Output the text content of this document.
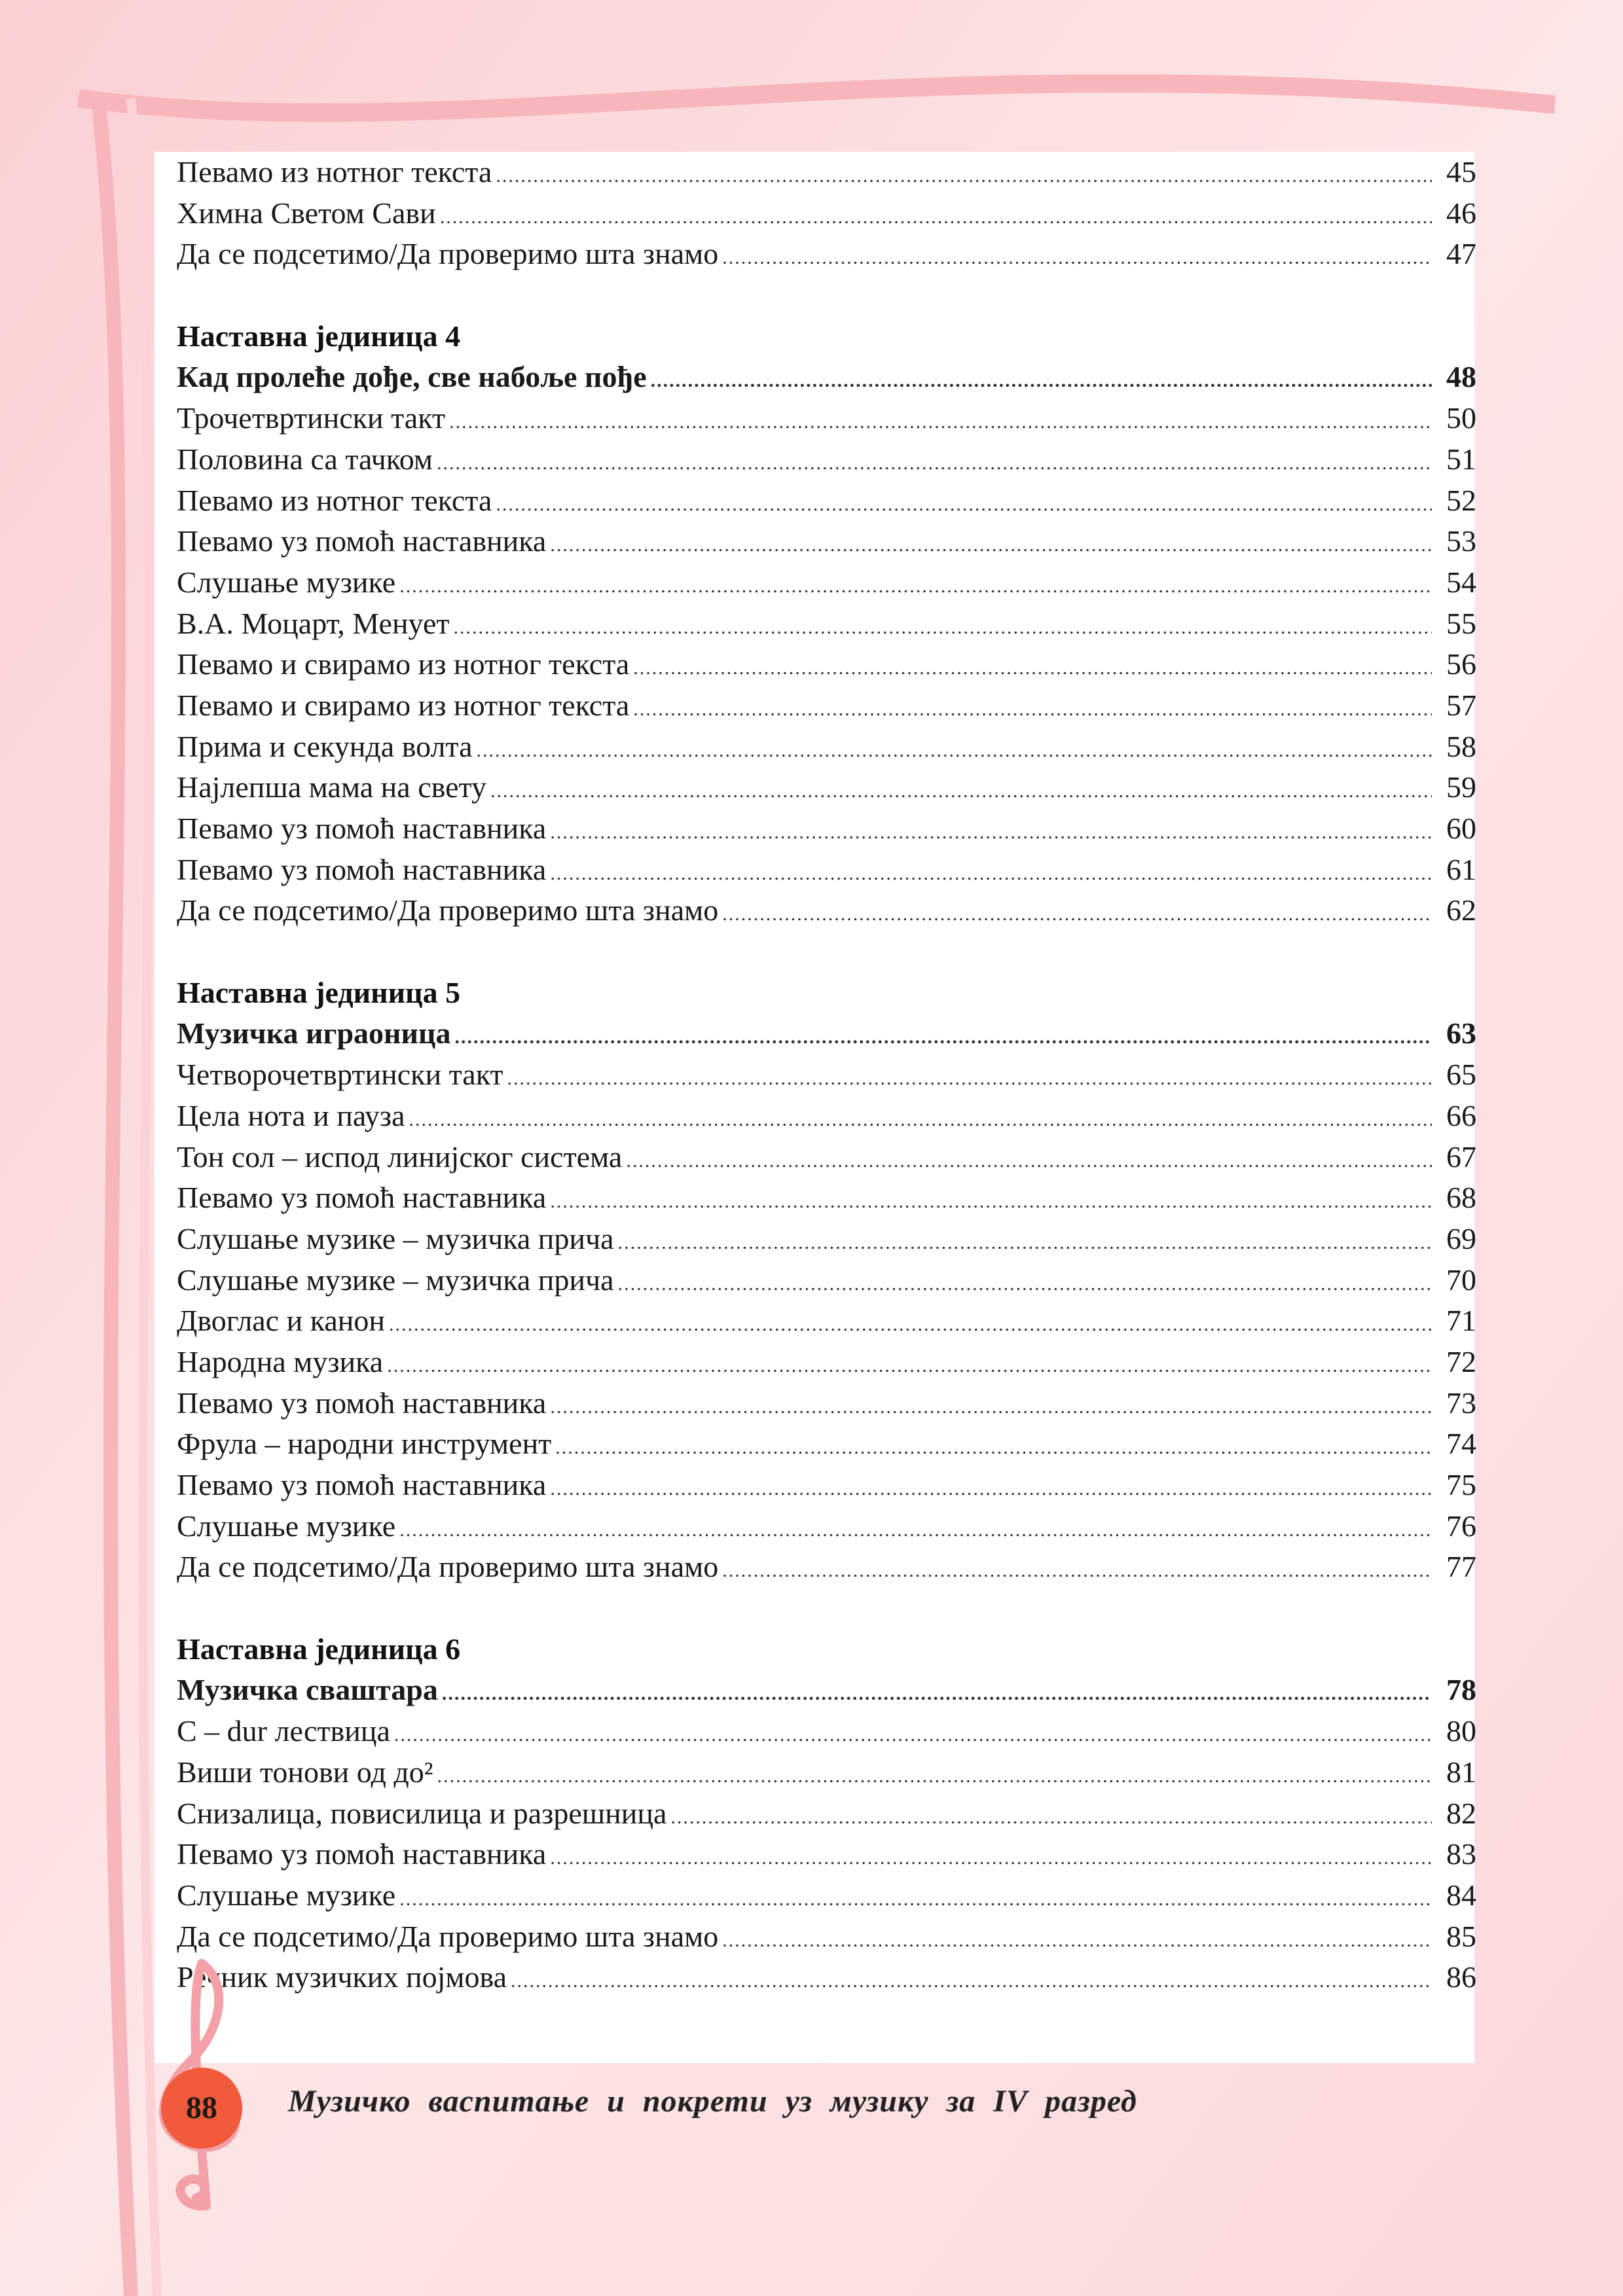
Певамо из нотног текста .....	45
Химна Светом Сави .....	46
Да се подсетимо/Да проверимо шта знамо .....	47
Наставна јединица 4
Кад пролеће дође, све набоље пође .....	48
Трочетвртински такт .....	50
Половина са тачком .....	51
Певамо из нотног текста .....	52
Певамо уз помоћ наставника .....	53
Слушање музике .....	54
В.А. Моцарт, Менует .....	55
Певамо и свирамо из нотног текста .....	56
Певамо и свирамо из нотног текста .....	57
Прима и секунда волта .....	58
Најлепша мама на свету .....	59
Певамо уз помоћ наставника .....	60
Певамо уз помоћ наставника .....	61
Да се подсетимо/Да проверимо шта знамо .....	62
Наставна јединица 5
Музичка играоница .....	63
Четворочетвртински такт .....	65
Цела нота и пауза .....	66
Тон сол – испод линијског система .....	67
Певамо уз помоћ наставника .....	68
Слушање музике – музичка прича .....	69
Слушање музике – музичка прича .....	70
Двоглас и канон .....	71
Народна музика .....	72
Певамо уз помоћ наставника .....	73
Фрула – народни инструмент .....	74
Певамо уз помоћ наставника .....	75
Слушање музике .....	76
Да се подсетимо/Да проверимо шта знамо .....	77
Наставна јединица 6
Музичка сваштара .....	78
C – dur лествица .....	80
Виши тонови од до² .....	81
Снизалица, повисилица и разрешница .....	82
Певамо уз помоћ наставника .....	83
Слушање музике .....	84
Да се подсетимо/Да проверимо шта знамо .....	85
Речник музичких појмова .....	86
88	Музичко васпитање и покрети уз музику за IV разред
